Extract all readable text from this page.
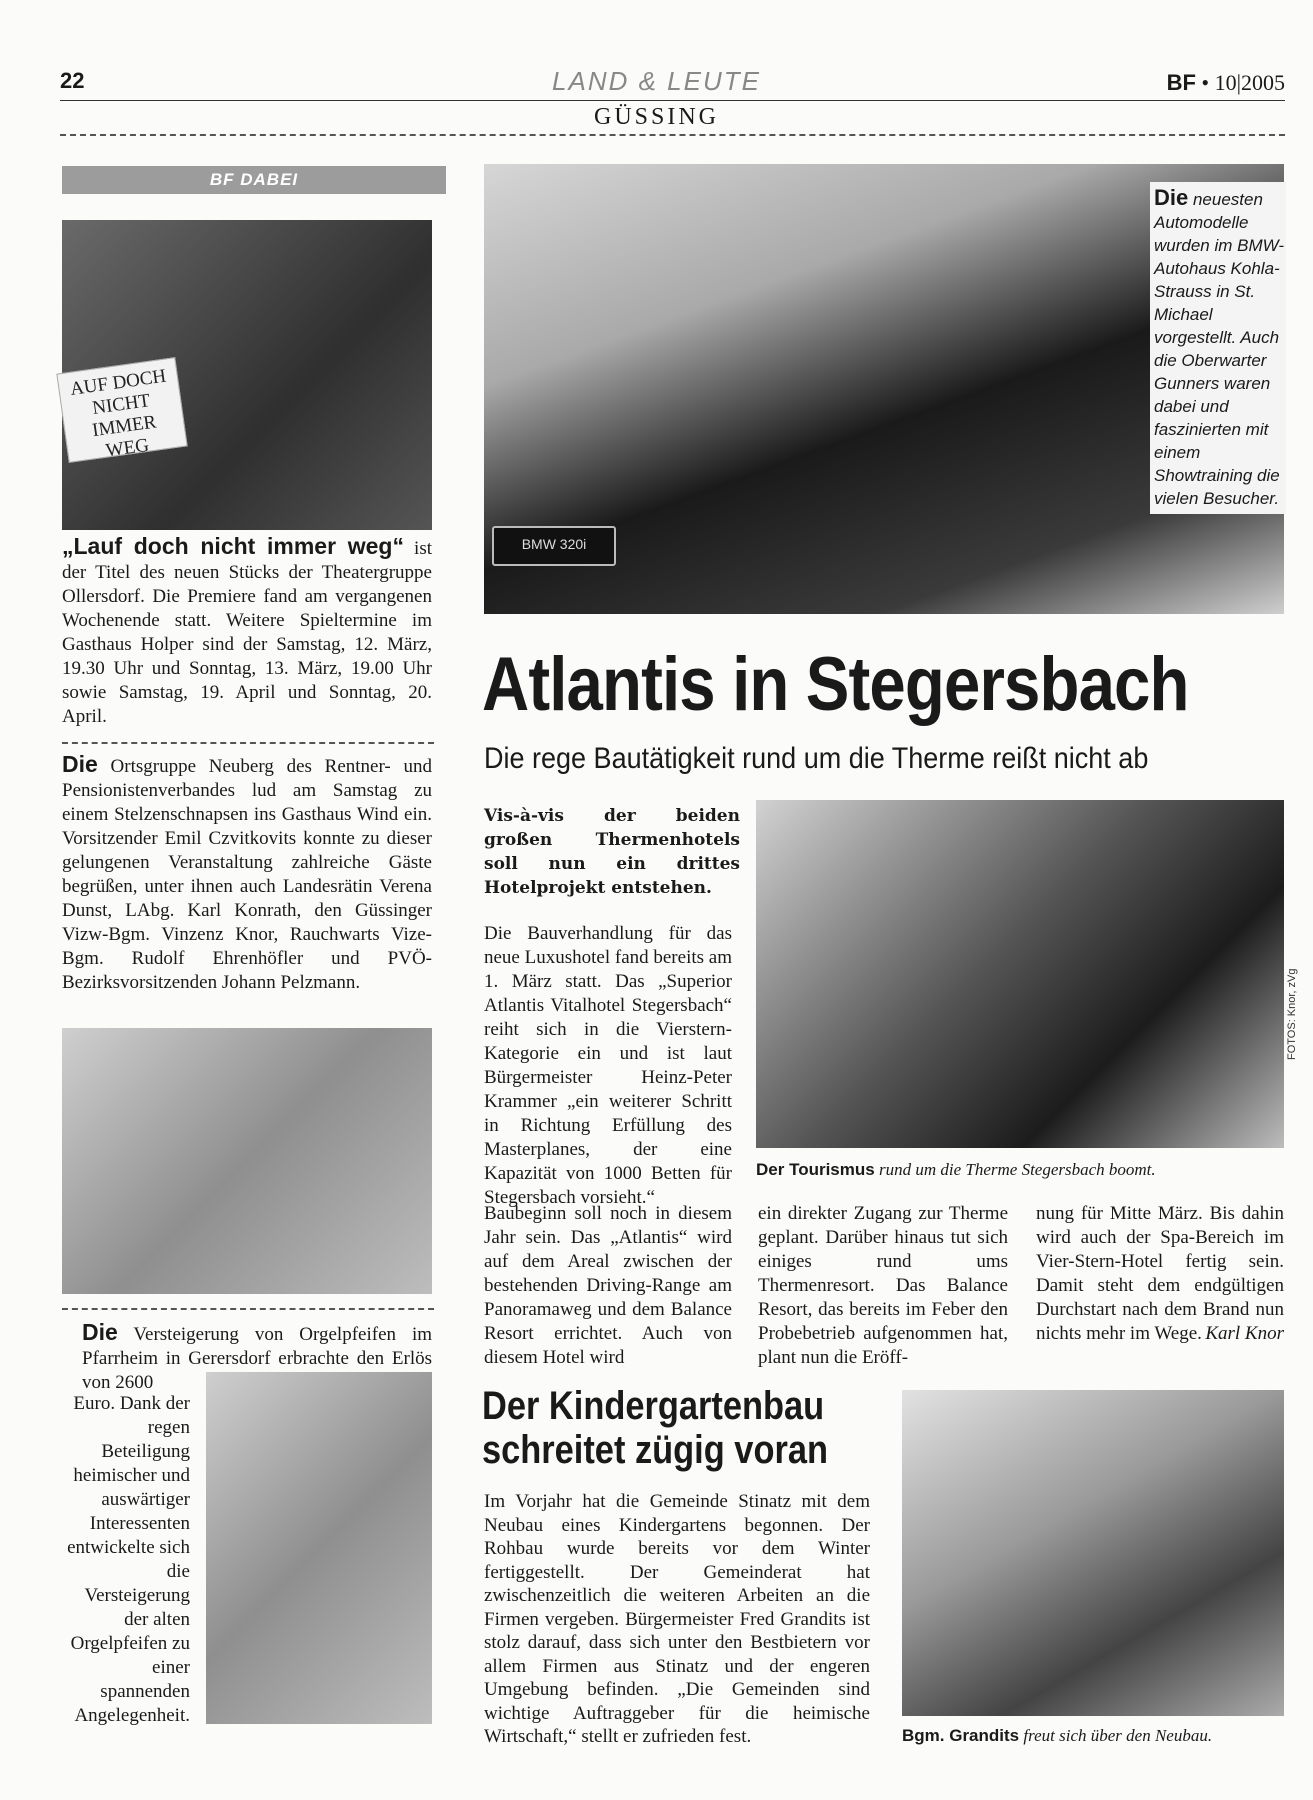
22	LAND & LEUTE
GÜSSING
BF • 10|2005
BF DABEI
AUF DOCH NICHT IMMER WEG
„Lauf doch nicht immer weg“ ist der Titel des neuen Stücks der Theatergruppe Ollersdorf. Die Premiere fand am vergangenen Wochenende statt. Weitere Spieltermine im Gasthaus Holper sind der Samstag, 12. März, 19.30 Uhr und Sonntag, 13. März, 19.00 Uhr sowie Samstag, 19. April und Sonntag, 20. April.
Die Ortsgruppe Neuberg des Rentner- und Pensionistenverbandes lud am Samstag zu einem Stelzenschnapsen ins Gasthaus Wind ein. Vorsitzender Emil Czvitkovits konnte zu dieser gelungenen Veranstaltung zahlreiche Gäste begrüßen, unter ihnen auch Landesrätin Verena Dunst, LAbg. Karl Konrath, den Güssinger Vizw-Bgm. Vinzenz Knor, Rauchwarts Vize-Bgm. Rudolf Ehrenhöfler und PVÖ-Bezirksvorsitzenden Johann Pelzmann.
Die Versteigerung von Orgelpfeifen im Pfarrheim in Gerersdorf erbrachte den Erlös von 2600
Euro. Dank der regen Beteiligung heimischer und auswärtiger Interessenten entwickelte sich die Versteigerung der alten Orgelpfeifen zu einer spannenden Angelegenheit.
BMW 320i
Die neuesten Automodelle wurden im BMW-Autohaus Kohla-Strauss in St. Michael vorgestellt. Auch die Oberwarter Gunners waren dabei und faszinierten mit einem Showtraining die vielen Besucher.
Atlantis in Stegersbach
Die rege Bautätigkeit rund um die Therme reißt nicht ab
Vis-à-vis der beiden großen Thermenhotels soll nun ein drittes Hotelprojekt entstehen.
FOTOS: Knor, zVg
Der Tourismus rund um die Therme Stegersbach boomt.
Die Bauverhandlung für das neue Luxushotel fand bereits am 1. März statt. Das „Superior Atlantis Vitalhotel Stegersbach“ reiht sich in die Vierstern-Kategorie ein und ist laut Bürgermeister Heinz-Peter Krammer „ein weiterer Schritt in Richtung Erfüllung des Masterplanes, der eine Kapazität von 1000 Betten für Stegersbach vorsieht.“
Baubeginn soll noch in diesem Jahr sein. Das „Atlantis“ wird auf dem Areal zwischen der bestehenden Driving-Range am Panoramaweg und dem Balance Resort errichtet. Auch von diesem Hotel wird
ein direkter Zugang zur Therme geplant. Darüber hinaus tut sich einiges rund ums Thermenresort. Das Balance Resort, das bereits im Feber den Probebetrieb aufgenommen hat, plant nun die Eröff-
nung für Mitte März. Bis dahin wird auch der Spa-Bereich im Vier-Stern-Hotel fertig sein. Damit steht dem endgültigen Durchstart nach dem Brand nun nichts mehr im Wege. Karl Knor
Der Kindergartenbau schreitet zügig voran
Im Vorjahr hat die Gemeinde Stinatz mit dem Neubau eines Kindergartens begonnen. Der Rohbau wurde bereits vor dem Winter fertiggestellt. Der Gemeinderat hat zwischenzeitlich die weiteren Arbeiten an die Firmen vergeben. Bürgermeister Fred Grandits ist stolz darauf, dass sich unter den Bestbietern vor allem Firmen aus Stinatz und der engeren Umgebung befinden. „Die Gemeinden sind wichtige Auftraggeber für die heimische Wirtschaft,“ stellt er zufrieden fest.	Bgm. Grandits freut sich über den Neubau.
